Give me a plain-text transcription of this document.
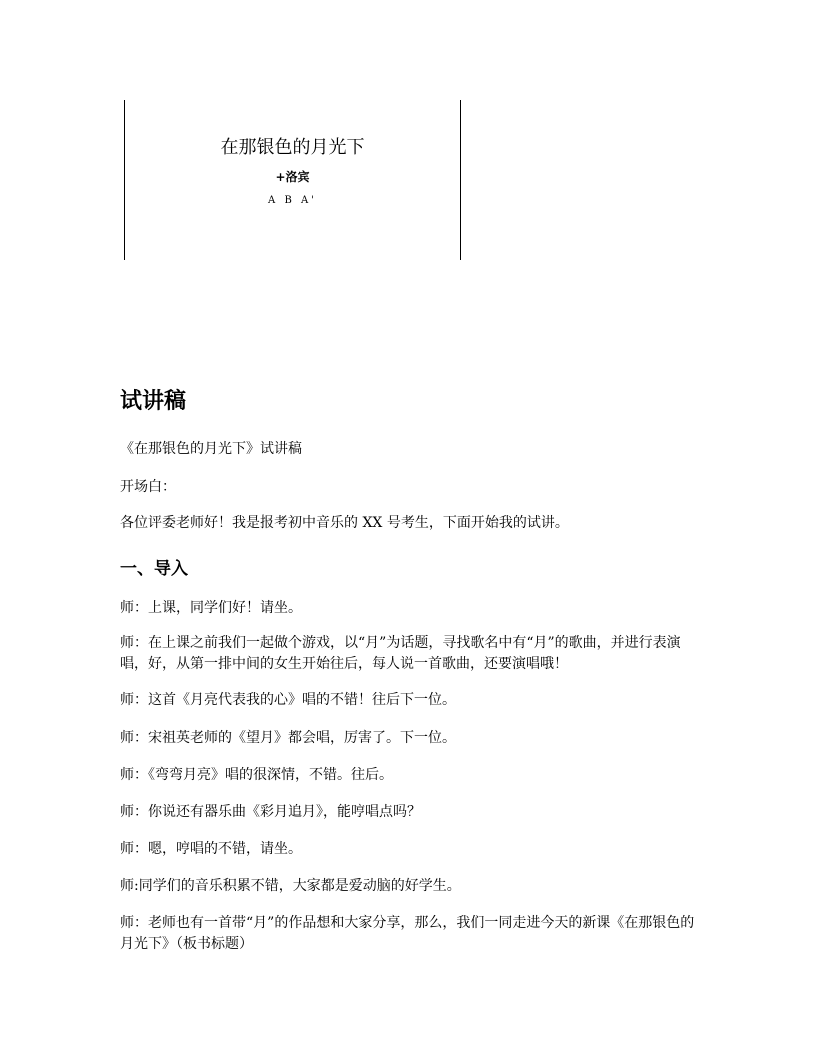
在那银色的月光下
+洛宾
A B A'
试讲稿

《在那银色的月光下》试讲稿

开场白：

各位评委老师好！我是报考初中音乐的 XX 号考生，下面开始我的试讲。

一、导入

师：上课，同学们好！请坐。

师：在上课之前我们一起做个游戏，以“月”为话题，寻找歌名中有“月”的歌曲，并进行表演唱，好，从第一排中间的女生开始往后，每人说一首歌曲，还要演唱哦！

师：这首《月亮代表我的心》唱的不错！往后下一位。

师：宋祖英老师的《望月》都会唱，厉害了。下一位。

师：《弯弯月亮》唱的很深情，不错。往后。

师：你说还有器乐曲《彩月追月》，能哼唱点吗？

师：嗯，哼唱的不错，请坐。

师:同学们的音乐积累不错，大家都是爱动脑的好学生。

师：老师也有一首带“月”的作品想和大家分享，那么，我们一同走进今天的新课《在那银色的月光下》（板书标题）
